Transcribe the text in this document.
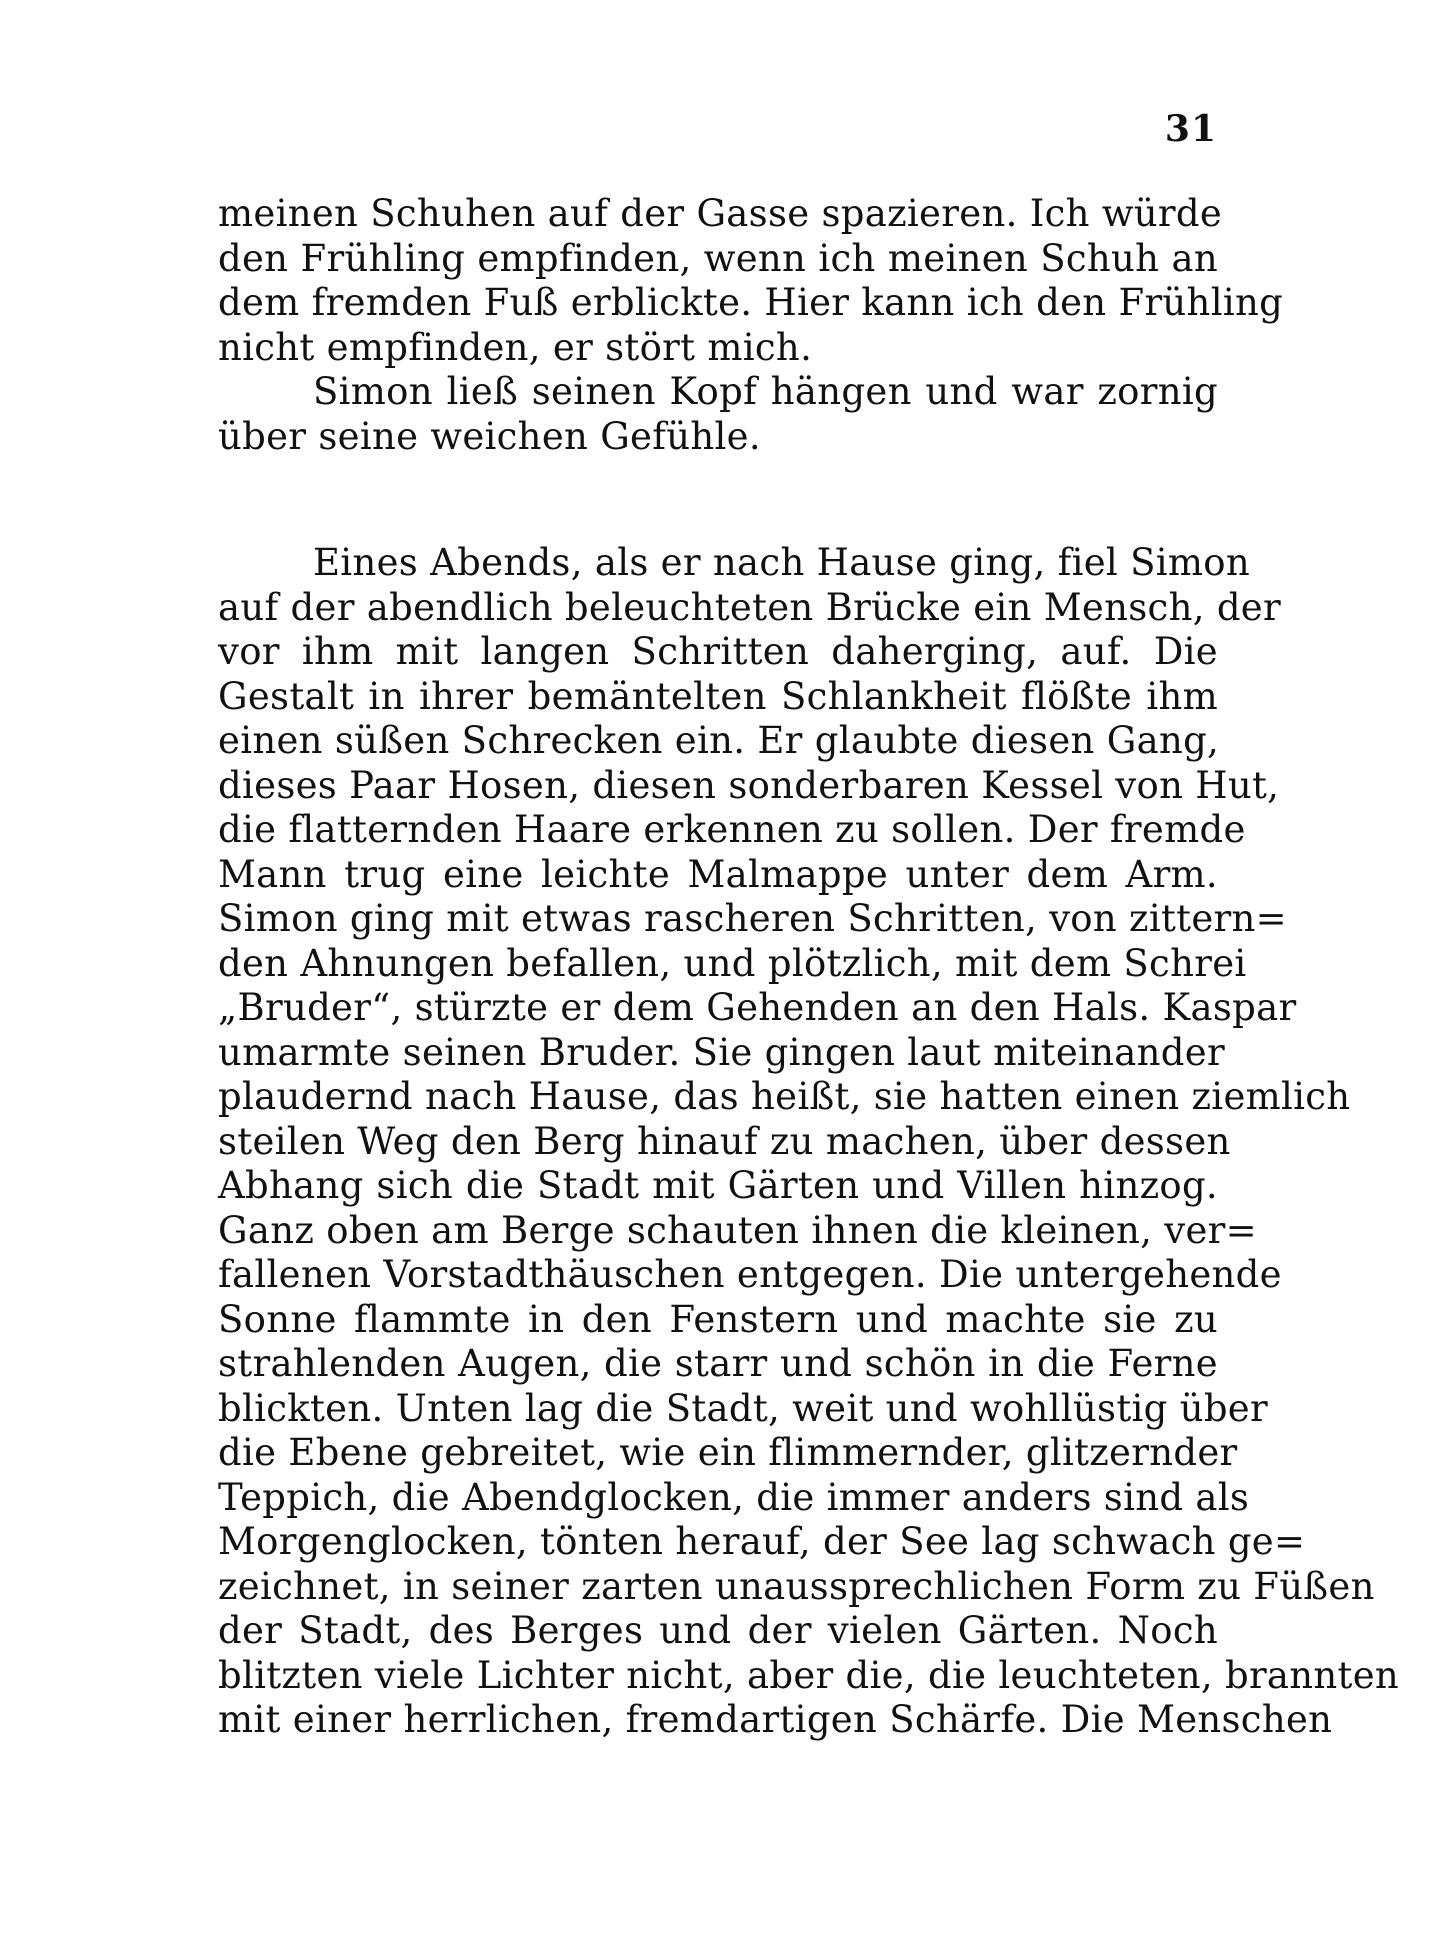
31
meinen Schuhen auf der Gasse spazieren. Ich würde
den Frühling empfinden, wenn ich meinen Schuh an
dem fremden Fuß erblickte. Hier kann ich den Frühling
nicht empfinden, er stört mich.
Simon ließ seinen Kopf hängen und war zornig
über seine weichen Gefühle.
Eines Abends, als er nach Hause ging, fiel Simon
auf der abendlich beleuchteten Brücke ein Mensch, der
vor ihm mit langen Schritten daherging, auf. Die
Gestalt in ihrer bemäntelten Schlankheit flößte ihm
einen süßen Schrecken ein. Er glaubte diesen Gang,
dieses Paar Hosen, diesen sonderbaren Kessel von Hut,
die flatternden Haare erkennen zu sollen. Der fremde
Mann trug eine leichte Malmappe unter dem Arm.
Simon ging mit etwas rascheren Schritten, von zittern=
den Ahnungen befallen, und plötzlich, mit dem Schrei
„Bruder“, stürzte er dem Gehenden an den Hals. Kaspar
umarmte seinen Bruder. Sie gingen laut miteinander
plaudernd nach Hause, das heißt, sie hatten einen ziemlich
steilen Weg den Berg hinauf zu machen, über dessen
Abhang sich die Stadt mit Gärten und Villen hinzog.
Ganz oben am Berge schauten ihnen die kleinen, ver=
fallenen Vorstadthäuschen entgegen. Die untergehende
Sonne flammte in den Fenstern und machte sie zu
strahlenden Augen, die starr und schön in die Ferne
blickten. Unten lag die Stadt, weit und wohllüstig über
die Ebene gebreitet, wie ein flimmernder, glitzernder
Teppich, die Abendglocken, die immer anders sind als
Morgenglocken, tönten herauf, der See lag schwach ge=
zeichnet, in seiner zarten unaussprechlichen Form zu Füßen
der Stadt, des Berges und der vielen Gärten. Noch
blitzten viele Lichter nicht, aber die, die leuchteten, brannten
mit einer herrlichen, fremdartigen Schärfe. Die Menschen
